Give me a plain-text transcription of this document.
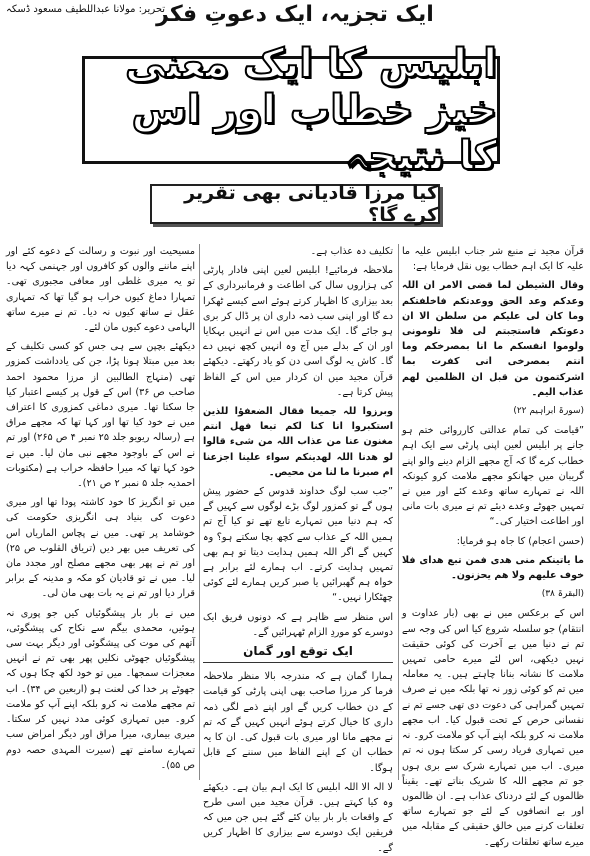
تحریر: مولانا عبداللطیف مسعود ڈسکہ
ایک تجزیہ، ایک دعوتِ فکر
ابلیس کا ایک معنی خیز خطاب اور اس کا نتیجہ
کیا مرزا قادیانی بھی تقریر کرے گا؟

قرآن مجید نے منبع شر جناب ابلیس علیہ ما علیہ کا ایک اہم خطاب یوں نقل فرمایا ہے:

وقال الشیطن لما قضی الامر ان اللہ وعدکم وعد الحق ووعدتکم فاخلفتکم وما کان لی علیکم من سلطن الا ان دعوتکم فاستجبتم لی فلا تلومونی ولوموا انفسکم ما انا بمصرخکم وما انتم بمصرخی انی کفرت بما اشرکتمون من قبل ان الظلمین لھم عذاب الیم۔

(سورۃ ابراہیم ۲۲)

”قیامت کی تمام عدالتی کارروائی ختم ہو جانے پر ابلیس لعین اپنی پارٹی سے ایک اہم خطاب کرے گا کہ آج مجھے الزام دینے والو اپنے گریبان میں جھانکو مجھے ملامت کرو کیونکہ اللہ نے تمہارے ساتھ وعدے کئے اور میں نے تمہیں جھوٹے وعدے دیئے تم نے میری بات مانی اور اطاعت اختیار کی۔“

(حسن اعجام) کا جاہ ہو فرمایا:

ما یاتینکم منی ھدی فمن تبع ھدای فلا خوف علیھم ولا ھم یحزنون۔

(البقرۃ ۳۸)

اس کے برعکس میں نے بھی (بار عداوت و انتقام) جو سلسلہ شروع کیا اس کی وجہ سے تم نے دنیا میں بے آخرت کی کوئی حقیقت نہیں دیکھی، اس لئے میرے حامی تمہیں ملامت کا نشانہ بنانا چاہتے ہیں۔ یہ معاملہ میں تم کو کوئی زور نہ تھا بلکہ میں نے صرف تمہیں گمراہی کی دعوت دی تھی جسے تم نے نفسانی حرص کے تحت قبول کیا۔ اب مجھے ملامت نہ کرو بلکہ اپنے آپ کو ملامت کرو۔ نہ میں تمہاری فریاد رسی کر سکتا ہوں نہ تم میری۔ اب میں تمہارے شرک سے بری ہوں جو تم مجھے اللہ کا شریک بناتے تھے۔ یقیناً ظالموں کے لئے دردناک عذاب ہے۔ ان ظالموں اور بے انصافوں کے لئے جو تمہارے ساتھ تعلقات کرنے میں خالق حقیقی کے مقابلہ میں میرے ساتھ تعلقات رکھے۔

تکلیف دہ عذاب ہے۔

ملاحظہ فرمائیے! ابلیس لعین اپنی فادار پارٹی کی ہزاروں سال کی اطاعت و فرمانبرداری کے بعد بیزاری کا اظہار کرتے ہوئے اسے کیسے ٹھکرا دے گا اور اپنی سب ذمہ داری ان پر ڈال کر بری ہو جائے گا۔ ایک مدت میں اس نے انہیں بہکایا اور ان کے بدلے میں آج وہ انہیں کچھ نہیں دے گا۔ کاش یہ لوگ اسی دن کو یاد رکھتے۔ دیکھئے قرآن مجید میں ان کردار میں اس کے الفاظ پیش کرتا ہے۔

وبرزوا للہ جمیعا فقال الضعفؤا للذین استکبروا انا کنا لکم تبعا فھل انتم مغنون عنا من عذاب اللہ من شیء قالوا لو ھدنا اللہ لھدینکم سواء علینا اجزعنا ام صبرنا ما لنا من محیص۔

”جب سب لوگ خداوند قدوس کے حضور پیش ہوں گے تو کمزور لوگ بڑے لوگوں سے کہیں گے کہ ہم دنیا میں تمہارے تابع تھے تو کیا آج تم ہمیں اللہ کے عذاب سے کچھ بچا سکتے ہو؟ وہ کہیں گے اگر اللہ ہمیں ہدایت دیتا تو ہم بھی تمہیں ہدایت کرتے۔ اب ہمارے لئے برابر ہے خواہ ہم گھبرائیں یا صبر کریں ہمارے لئے کوئی چھٹکارا نہیں۔“

اس منظر سے ظاہر ہے کہ دونوں فریق ایک دوسرے کو موردِ الزام ٹھہرائیں گے۔

ایک توقع اور گمان

ہمارا گمان ہے کہ مندرجہ بالا منظر ملاحظہ فرما کر مرزا صاحب بھی اپنی پارٹی کو قیامت کے دن خطاب کریں گے اور اپنے ذمے لگی ذمہ داری کا خیال کرتے ہوئے انہیں کہیں گے کہ تم نے مجھے مانا اور میری بات قبول کی۔ ان کا یہ خطاب ان کے اپنے الفاظ میں سننے کے قابل ہوگا۔

لا الہ الا اللہ ابلیس کا ایک اہم بیان ہے۔ دیکھئے وہ کیا کہتے ہیں۔ قرآن مجید میں اسی طرح کے واقعات بار بار بیان کئے گئے ہیں جن میں کہ فریقین ایک دوسرے سے بیزاری کا اظہار کریں گے۔

مسیحیت اور نبوت و رسالت کے دعوے کئے اور اپنے ماننے والوں کو کافروں اور جہنمی کہہ دیا تو یہ میری غلطی اور معافی مجبوری تھی۔ تمہارا دماغ کیوں خراب ہو گیا تھا کہ تمہاری عقل نے ساتھ کیوں نہ دیا۔ تم نے میرے ساتھ الہامی دعوے کیوں مان لئے۔

دیکھئے بچپن سے ہی جس کو کسی تکلیف کے بعد میں مبتلا ہونا پڑا، جن کی یادداشت کمزور تھی (منہاج الطالبین از مرزا محمود احمد صاحب ص ۳۶) اس کے قول پر کیسے اعتبار کیا جا سکتا تھا۔ میری دماغی کمزوری کا اعتراف میں نے خود کیا تھا اور کہا تھا کہ مجھے مراق ہے (رسالہ ریویو جلد ۲۵ نمبر ۴ ص ۲۶۵) اور تم نے اس کے باوجود مجھے نبی مان لیا۔ میں نے خود کہا تھا کہ میرا حافظہ خراب ہے (مکتوبات احمدیہ جلد ۵ نمبر ۲ ص ۲۱)۔

میں تو انگریز کا خود کاشتہ پودا تھا اور میری دعوت کی بنیاد ہی انگریزی حکومت کی خوشامد پر تھی۔ میں نے پچاس الماریاں اس کی تعریف میں بھر دیں (تریاق القلوب ص ۲۵) اور تم نے پھر بھی مجھے مصلح اور مجدد مان لیا۔ میں نے تو قادیان کو مکہ و مدینہ کے برابر قرار دیا اور تم نے یہ بات بھی مان لی۔

میں نے بار بار پیشگوئیاں کیں جو پوری نہ ہوئیں، محمدی بیگم سے نکاح کی پیشگوئی، آتھم کی موت کی پیشگوئی اور دیگر بہت سی پیشگوئیاں جھوٹی نکلیں پھر بھی تم نے انہیں معجزات سمجھا۔ میں تو خود لکھ چکا ہوں کہ جھوٹے پر خدا کی لعنت ہو (اربعین ص ۳۴)۔ اب تم مجھے ملامت نہ کرو بلکہ اپنے آپ کو ملامت کرو۔ میں تمہاری کوئی مدد نہیں کر سکتا۔ میری بیماری، میرا مراق اور دیگر امراض سب تمہارے سامنے تھے (سیرت المہدی حصہ دوم ص ۵۵)۔
